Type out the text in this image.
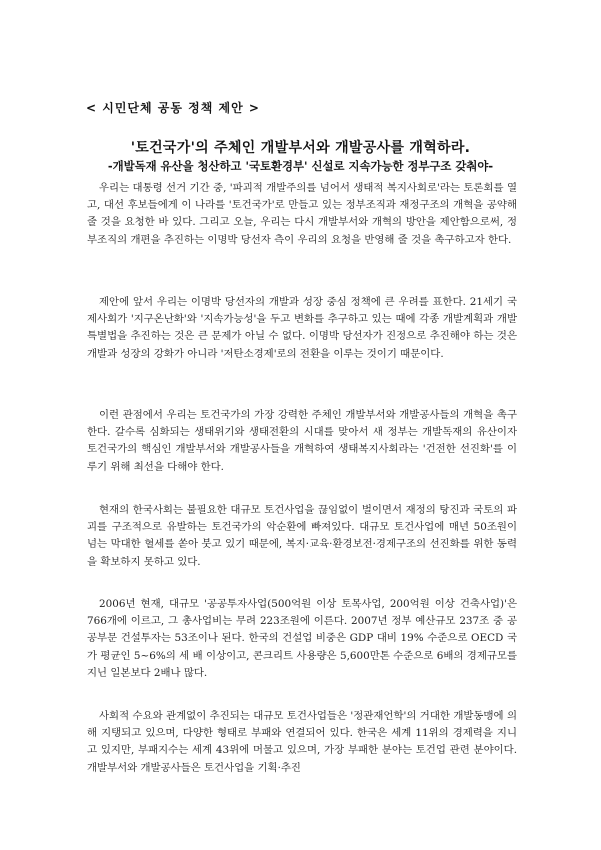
< 시민단체 공동 정책 제안 >
'토건국가'의 주체인 개발부서와 개발공사를 개혁하라.
-개발독재 유산을 청산하고 '국토환경부' 신설로 지속가능한 정부구조 갖춰야-

우리는 대통령 선거 기간 중, '파괴적 개발주의를 넘어서 생태적 복지사회로'라는 토론회를 열고, 대선 후보들에게 이 나라를 '토건국가'로 만들고 있는 정부조직과 재정구조의 개혁을 공약해 줄 것을 요청한 바 있다. 그리고 오늘, 우리는 다시 개발부서와 개혁의 방안을 제안함으로써, 정부조직의 개편을 추진하는 이명박 당선자 측이 우리의 요청을 반영해 줄 것을 촉구하고자 한다.

제안에 앞서 우리는 이명박 당선자의 개발과 성장 중심 정책에 큰 우려를 표한다. 21세기 국제사회가 '지구온난화'와 '지속가능성'을 두고 변화를 추구하고 있는 때에 각종 개발계획과 개발 특별법을 추진하는 것은 큰 문제가 아닐 수 없다. 이명박 당선자가 진정으로 추진해야 하는 것은 개발과 성장의 강화가 아니라 '저탄소경제'로의 전환을 이루는 것이기 때문이다.

이런 관점에서 우리는 토건국가의 가장 강력한 주체인 개발부서와 개발공사들의 개혁을 촉구한다. 갈수록 심화되는 생태위기와 생태전환의 시대를 맞아서 새 정부는 개발독재의 유산이자 토건국가의 핵심인 개발부서와 개발공사들을 개혁하여 생태복지사회라는 '건전한 선진화'를 이루기 위해 최선을 다해야 한다.

현재의 한국사회는 불필요한 대규모 토건사업을 끊임없이 벌이면서 재정의 탕진과 국토의 파괴를 구조적으로 유발하는 토건국가의 악순환에 빠져있다. 대규모 토건사업에 매년 50조원이 넘는 막대한 혈세를 쏟아 붓고 있기 때문에, 복지·교육·환경보전·경제구조의 선진화를 위한 동력을 확보하지 못하고 있다.

2006년 현재, 대규모 '공공투자사업(500억원 이상 토목사업, 200억원 이상 건축사업)'은 766개에 이르고, 그 총사업비는 무려 223조원에 이른다. 2007년 정부 예산규모 237조 중 공공부문 건설투자는 53조이나 된다. 한국의 건설업 비중은 GDP 대비 19% 수준으로 OECD 국가 평균인 5~6%의 세 배 이상이고, 콘크리트 사용량은 5,600만톤 수준으로 6배의 경제규모를 지닌 일본보다 2배나 많다.

사회적 수요와 관계없이 추진되는 대규모 토건사업들은 '정관재언학'의 거대한 개발동맹에 의해 지탱되고 있으며, 다양한 형태로 부패와 연결되어 있다. 한국은 세계 11위의 경제력을 지니고 있지만, 부패지수는 세계 43위에 머물고 있으며, 가장 부패한 분야는 토건업 관련 분야이다. 개발부서와 개발공사들은 토건사업을 기획·추진
